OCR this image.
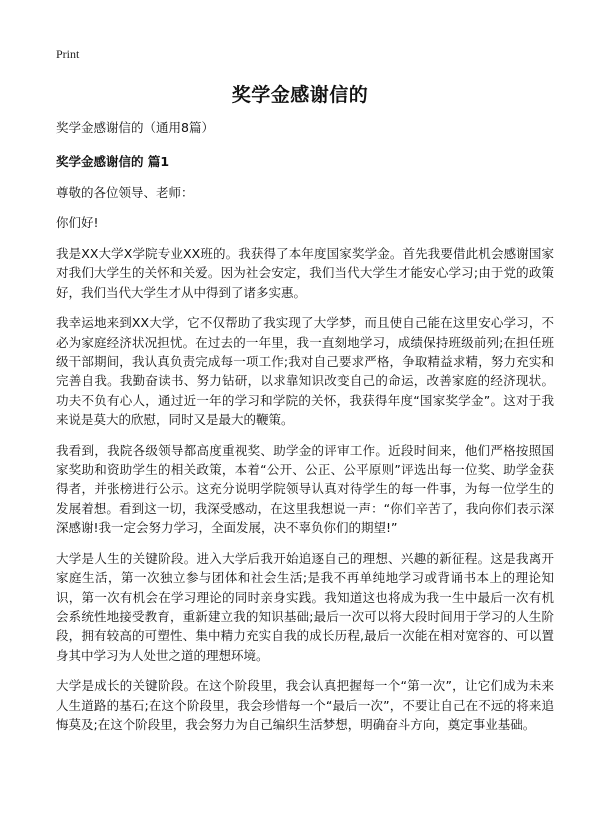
Print
奖学金感谢信的

奖学金感谢信的（通用8篇）

奖学金感谢信的 篇1

尊敬的各位领导、老师：

你们好!

我是XX大学X学院专业XX班的。我获得了本年度国家奖学金。首先我要借此机会感谢国家对我们大学生的关怀和关爱。因为社会安定，我们当代大学生才能安心学习;由于党的政策好，我们当代大学生才从中得到了诸多实惠。

我幸运地来到XX大学，它不仅帮助了我实现了大学梦，而且使自己能在这里安心学习，不必为家庭经济状况担忧。在过去的一年里，我一直刻地学习，成绩保持班级前列;在担任班级干部期间，我认真负责完成每一项工作;我对自己要求严格，争取精益求精，努力充实和完善自我。我勤奋读书、努力钻研，以求靠知识改变自己的命运，改善家庭的经济现状。功夫不负有心人，通过近一年的学习和学院的关怀，我获得年度“国家奖学金”。这对于我来说是莫大的欣慰，同时又是最大的鞭策。

我看到，我院各级领导都高度重视奖、助学金的评审工作。近段时间来，他们严格按照国家奖助和资助学生的相关政策，本着“公开、公正、公平原则”评选出每一位奖、助学金获得者，并张榜进行公示。这充分说明学院领导认真对待学生的每一件事，为每一位学生的发展着想。看到这一切，我深受感动，在这里我想说一声：“你们辛苦了，我向你们表示深深感谢!我一定会努力学习，全面发展，决不辜负你们的期望!”

大学是人生的关键阶段。进入大学后我开始追逐自己的理想、兴趣的新征程。这是我离开家庭生活，第一次独立参与团体和社会生活;是我不再单纯地学习或背诵书本上的理论知识，第一次有机会在学习理论的同时亲身实践。我知道这也将成为我一生中最后一次有机会系统性地接受教育，重新建立我的知识基础;最后一次可以将大段时间用于学习的人生阶段，拥有较高的可塑性、集中精力充实自我的成长历程,最后一次能在相对宽容的、可以置身其中学习为人处世之道的理想环境。

大学是成长的关键阶段。在这个阶段里，我会认真把握每一个“第一次”，让它们成为未来人生道路的基石;在这个阶段里，我会珍惜每一个“最后一次”，不要让自己在不远的将来追悔莫及;在这个阶段里，我会努力为自己编织生活梦想，明确奋斗方向，奠定事业基础。
